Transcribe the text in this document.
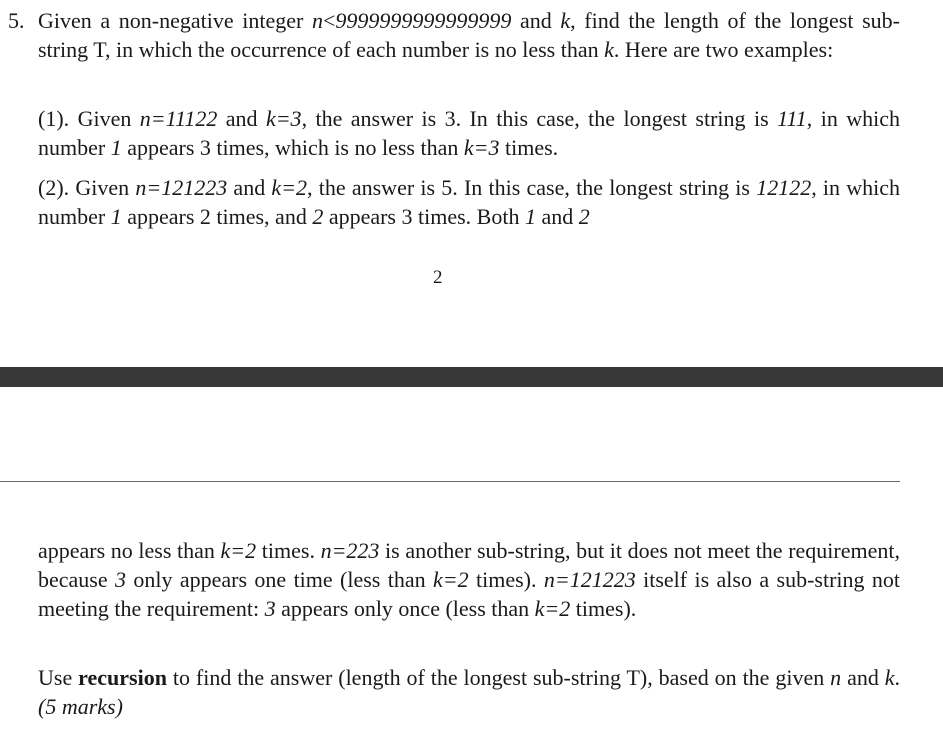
5. Given a non-negative integer n<9999999999999999 and k, find the length of the longest sub-string T, in which the occurrence of each number is no less than k. Here are two examples:

(1). Given n=11122 and k=3, the answer is 3. In this case, the longest string is 111, in which number 1 appears 3 times, which is no less than k=3 times.

(2). Given n=121223 and k=2, the answer is 5. In this case, the longest string is 12122, in which number 1 appears 2 times, and 2 appears 3 times. Both 1 and 2

2

appears no less than k=2 times. n=223 is another sub-string, but it does not meet the requirement, because 3 only appears one time (less than k=2 times). n=121223 itself is also a sub-string not meeting the requirement: 3 appears only once (less than k=2 times).

Use recursion to find the answer (length of the longest sub-string T), based on the given n and k. (5 marks)
